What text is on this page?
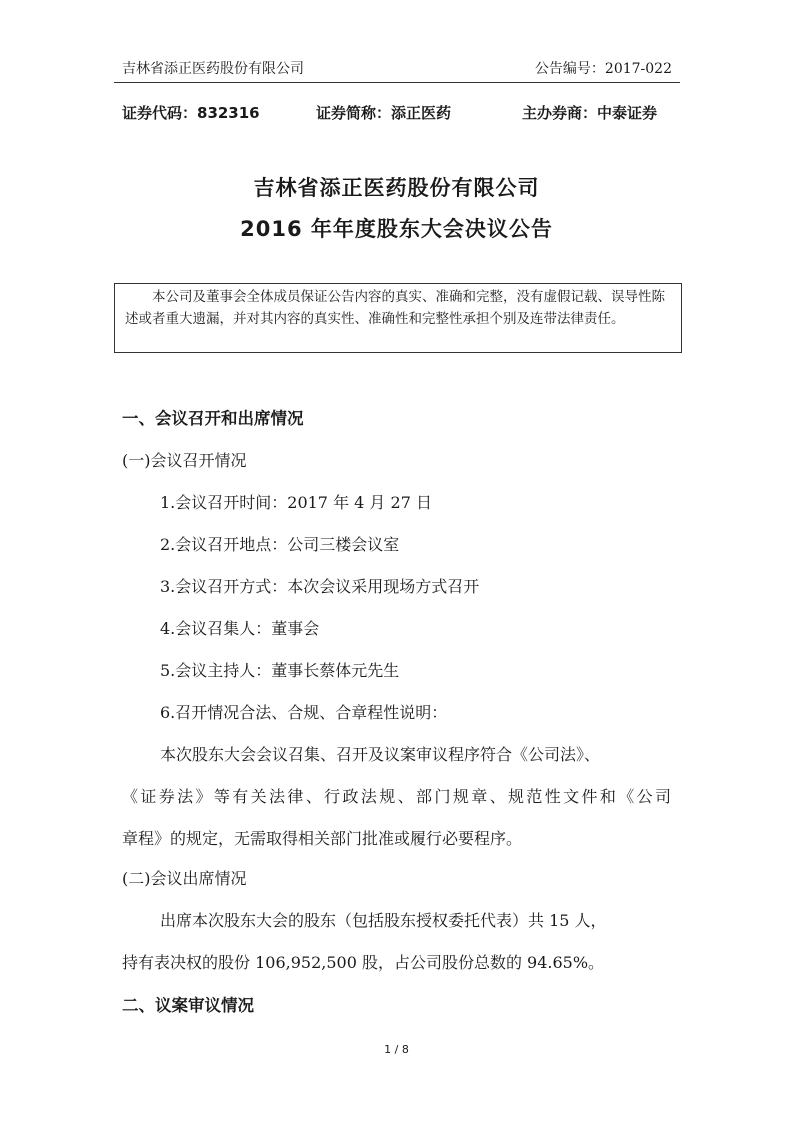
吉林省添正医药股份有限公司	公告编号：2017-022
证券代码：832316	证券简称：添正医药	主办券商：中泰证券
吉林省添正医药股份有限公司
2016 年年度股东大会决议公告
本公司及董事会全体成员保证公告内容的真实、准确和完整，没有虚假记载、误导性陈述或者重大遗漏，并对其内容的真实性、准确性和完整性承担个别及连带法律责任。
一、会议召开和出席情况
(一)会议召开情况
1.会议召开时间：2017 年 4 月 27 日
2.会议召开地点：公司三楼会议室
3.会议召开方式：本次会议采用现场方式召开
4.会议召集人：董事会
5.会议主持人：董事长蔡体元先生
6.召开情况合法、合规、合章程性说明：
本次股东大会会议召集、召开及议案审议程序符合《公司法》、
《证券法》等有关法律、行政法规、部门规章、规范性文件和《公司
章程》的规定，无需取得相关部门批准或履行必要程序。
(二)会议出席情况
出席本次股东大会的股东（包括股东授权委托代表）共 15 人，
持有表决权的股份 106,952,500 股，占公司股份总数的 94.65%。
二、议案审议情况
1 / 8
